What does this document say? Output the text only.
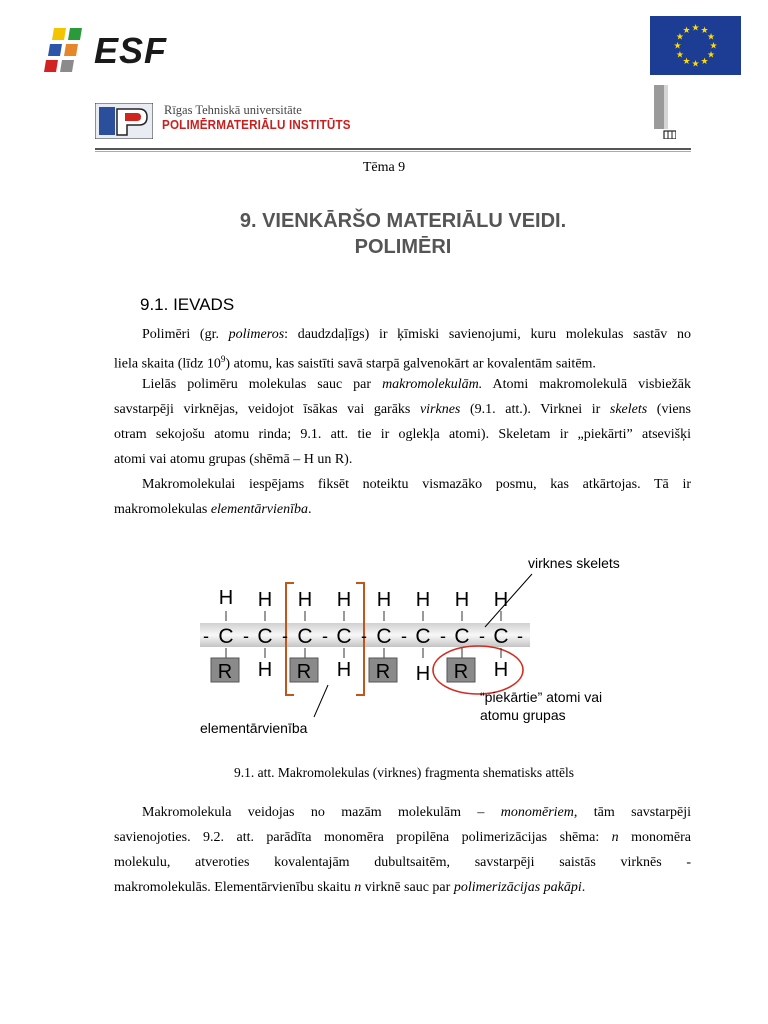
ESF
★ ★
★
★
★
★
★
★
★
★
★
★
Rīgas Tehniskā universitāte
POLIMĒRMATERIĀLU INSTITŪTS
Tēma 9
9. VIENKĀRŠO MATERIĀLU VEIDI.
POLIMĒRI
9.1. IEVADS
Polimēri (gr. polimeros: daudzdaļīgs) ir ķīmiski savienojumi, kuru molekulas sastāv no
liela skaita (līdz $10^9$) atomu, kas saistīti savā starpā galvenokārt ar kovalentām saitēm.
Lielās polimēru molekulas sauc par makromolekulām. Atomi makromolekulā visbiežāk
savstarpēji virknējas, veidojot īsākas vai garāks virknes (9.1. att.). Virknei ir skelets (viens
otram sekojošu atomu rinda; 9.1. att. tie ir oglekļa atomi). Skeletam ir „piekārti” atsevišķi
atomi vai atomu grupas (shēmā – H un R).
Makromolekulai iespējams fiksēt noteiktu vismazāko posmu, kas atkārtojas. Tā ir
makromolekulas elementārvienība.
- - - - - - - - -
H
C
R
H
C
H
H
C
R
H
C
H
H
C
R
H
C
H
H
C
R
H
C
H
virknes skelets
“piekārtie” atomi vai
atomu grupas
elementārvienība
9.1. att. Makromolekulas (virknes) fragmenta shematisks attēls
Makromolekula veidojas no mazām molekulām – monomēriem, tām savstarpēji
savienojoties. 9.2. att. parādīta monomēra propilēna polimerizācijas shēma: n monomēra
molekulu, atveroties kovalentajām dubultsaitēm, savstarpēji saistās virknēs -
makromolekulās. Elementārvienību skaitu n virknē sauc par polimerizācijas pakāpi.
